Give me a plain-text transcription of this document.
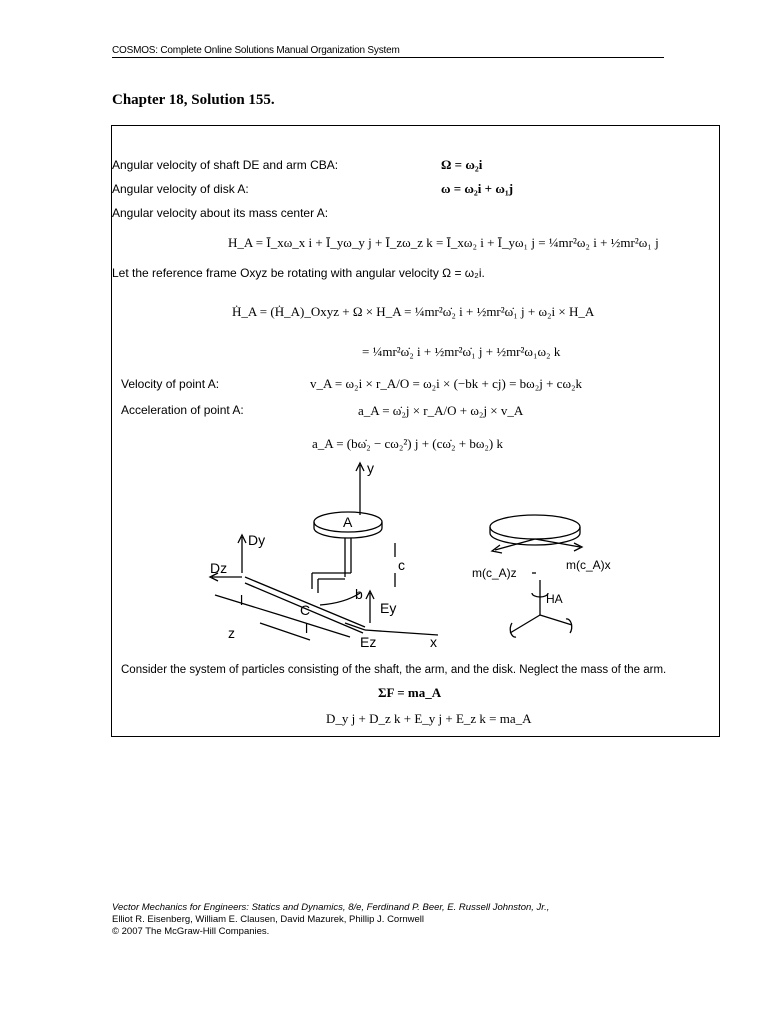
COSMOS: Complete Online Solutions Manual Organization System
Chapter 18, Solution 155.
Angular velocity of shaft DE and arm CBA:	Ω = ω₂i
Angular velocity of disk A:	ω = ω₂i + ω₁j
Angular velocity about its mass center A:
H_A = Ī_xω_x i + Ī_yω_y j + Ī_zω_z k = Ī_xω₂ i + Ī_yω₁ j = ¼mr²ω₂ i + ½mr²ω₁ j
Let the reference frame Oxyz be rotating with angular velocity Ω = ω₂i.
Ḣ_A = (Ḣ_A)_Oxyz + Ω × H_A = ¼mr²ω̇₂ i + ½mr²ω̇₁ j + ω₂i × H_A
= ¼mr²ω̇₂ i + ½mr²ω̇₁ j + ½mr²ω₁ω₂ k
Velocity of point A:	v_A = ω₂i × r_A/O = ω₂i × (−bk + cj) = bω₂j + cω₂k
Acceleration of point A:	a_A = ω̇₂j × r_A/O + ω₂j × v_A
a_A = (bω̇₂ − cω₂²) j + (cω̇₂ + bω₂) k
y
A
Dy
Dz	c
b
Ey
Ez
C
l
l
z
x
m(c_A)z
m(c_A)x
HA
Consider the system of particles consisting of the shaft, the arm, and the disk. Neglect the mass of the arm.
ΣF = ma_A
D_y j + D_z k + E_y j + E_z k = ma_A
Vector Mechanics for Engineers: Statics and Dynamics, 8/e, Ferdinand P. Beer, E. Russell Johnston, Jr.,
Elliot R. Eisenberg, William E. Clausen, David Mazurek, Phillip J. Cornwell
© 2007 The McGraw-Hill Companies.
